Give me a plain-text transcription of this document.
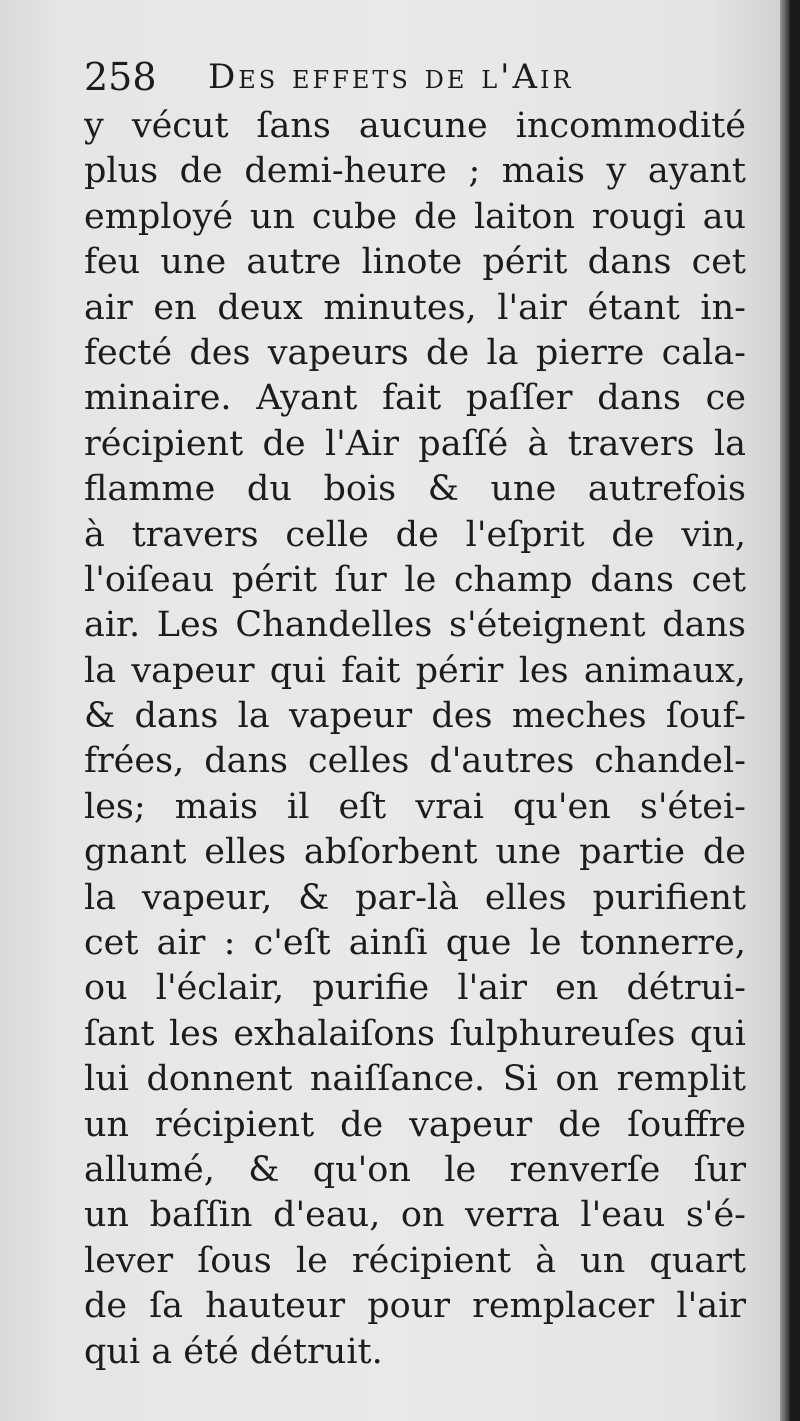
258 Des effets de l'Air
y vécut ſans aucune incommodité
plus de demi-heure ; mais y ayant
employé un cube de laiton rougi au
feu une autre linote périt dans cet
air en deux minutes, l'air étant in-
fecté des vapeurs de la pierre cala-
minaire. Ayant fait paſſer dans ce
récipient de l'Air paſſé à travers la
flamme du bois & une autrefois
à travers celle de l'eſprit de vin,
l'oiſeau périt ſur le champ dans cet
air. Les Chandelles s'éteignent dans
la vapeur qui fait périr les animaux,
& dans la vapeur des meches ſouf-
frées, dans celles d'autres chandel-
les; mais il eſt vrai qu'en s'étei-
gnant elles abſorbent une partie de
la vapeur, & par-là elles purifient
cet air : c'eſt ainſi que le tonnerre,
ou l'éclair, purifie l'air en détrui-
ſant les exhalaiſons ſulphureuſes qui
lui donnent naiſſance. Si on remplit
un récipient de vapeur de ſouffre
allumé, & qu'on le renverſe ſur
un baſſin d'eau, on verra l'eau s'é-
lever ſous le récipient à un quart
de ſa hauteur pour remplacer l'air
qui a été détruit.
